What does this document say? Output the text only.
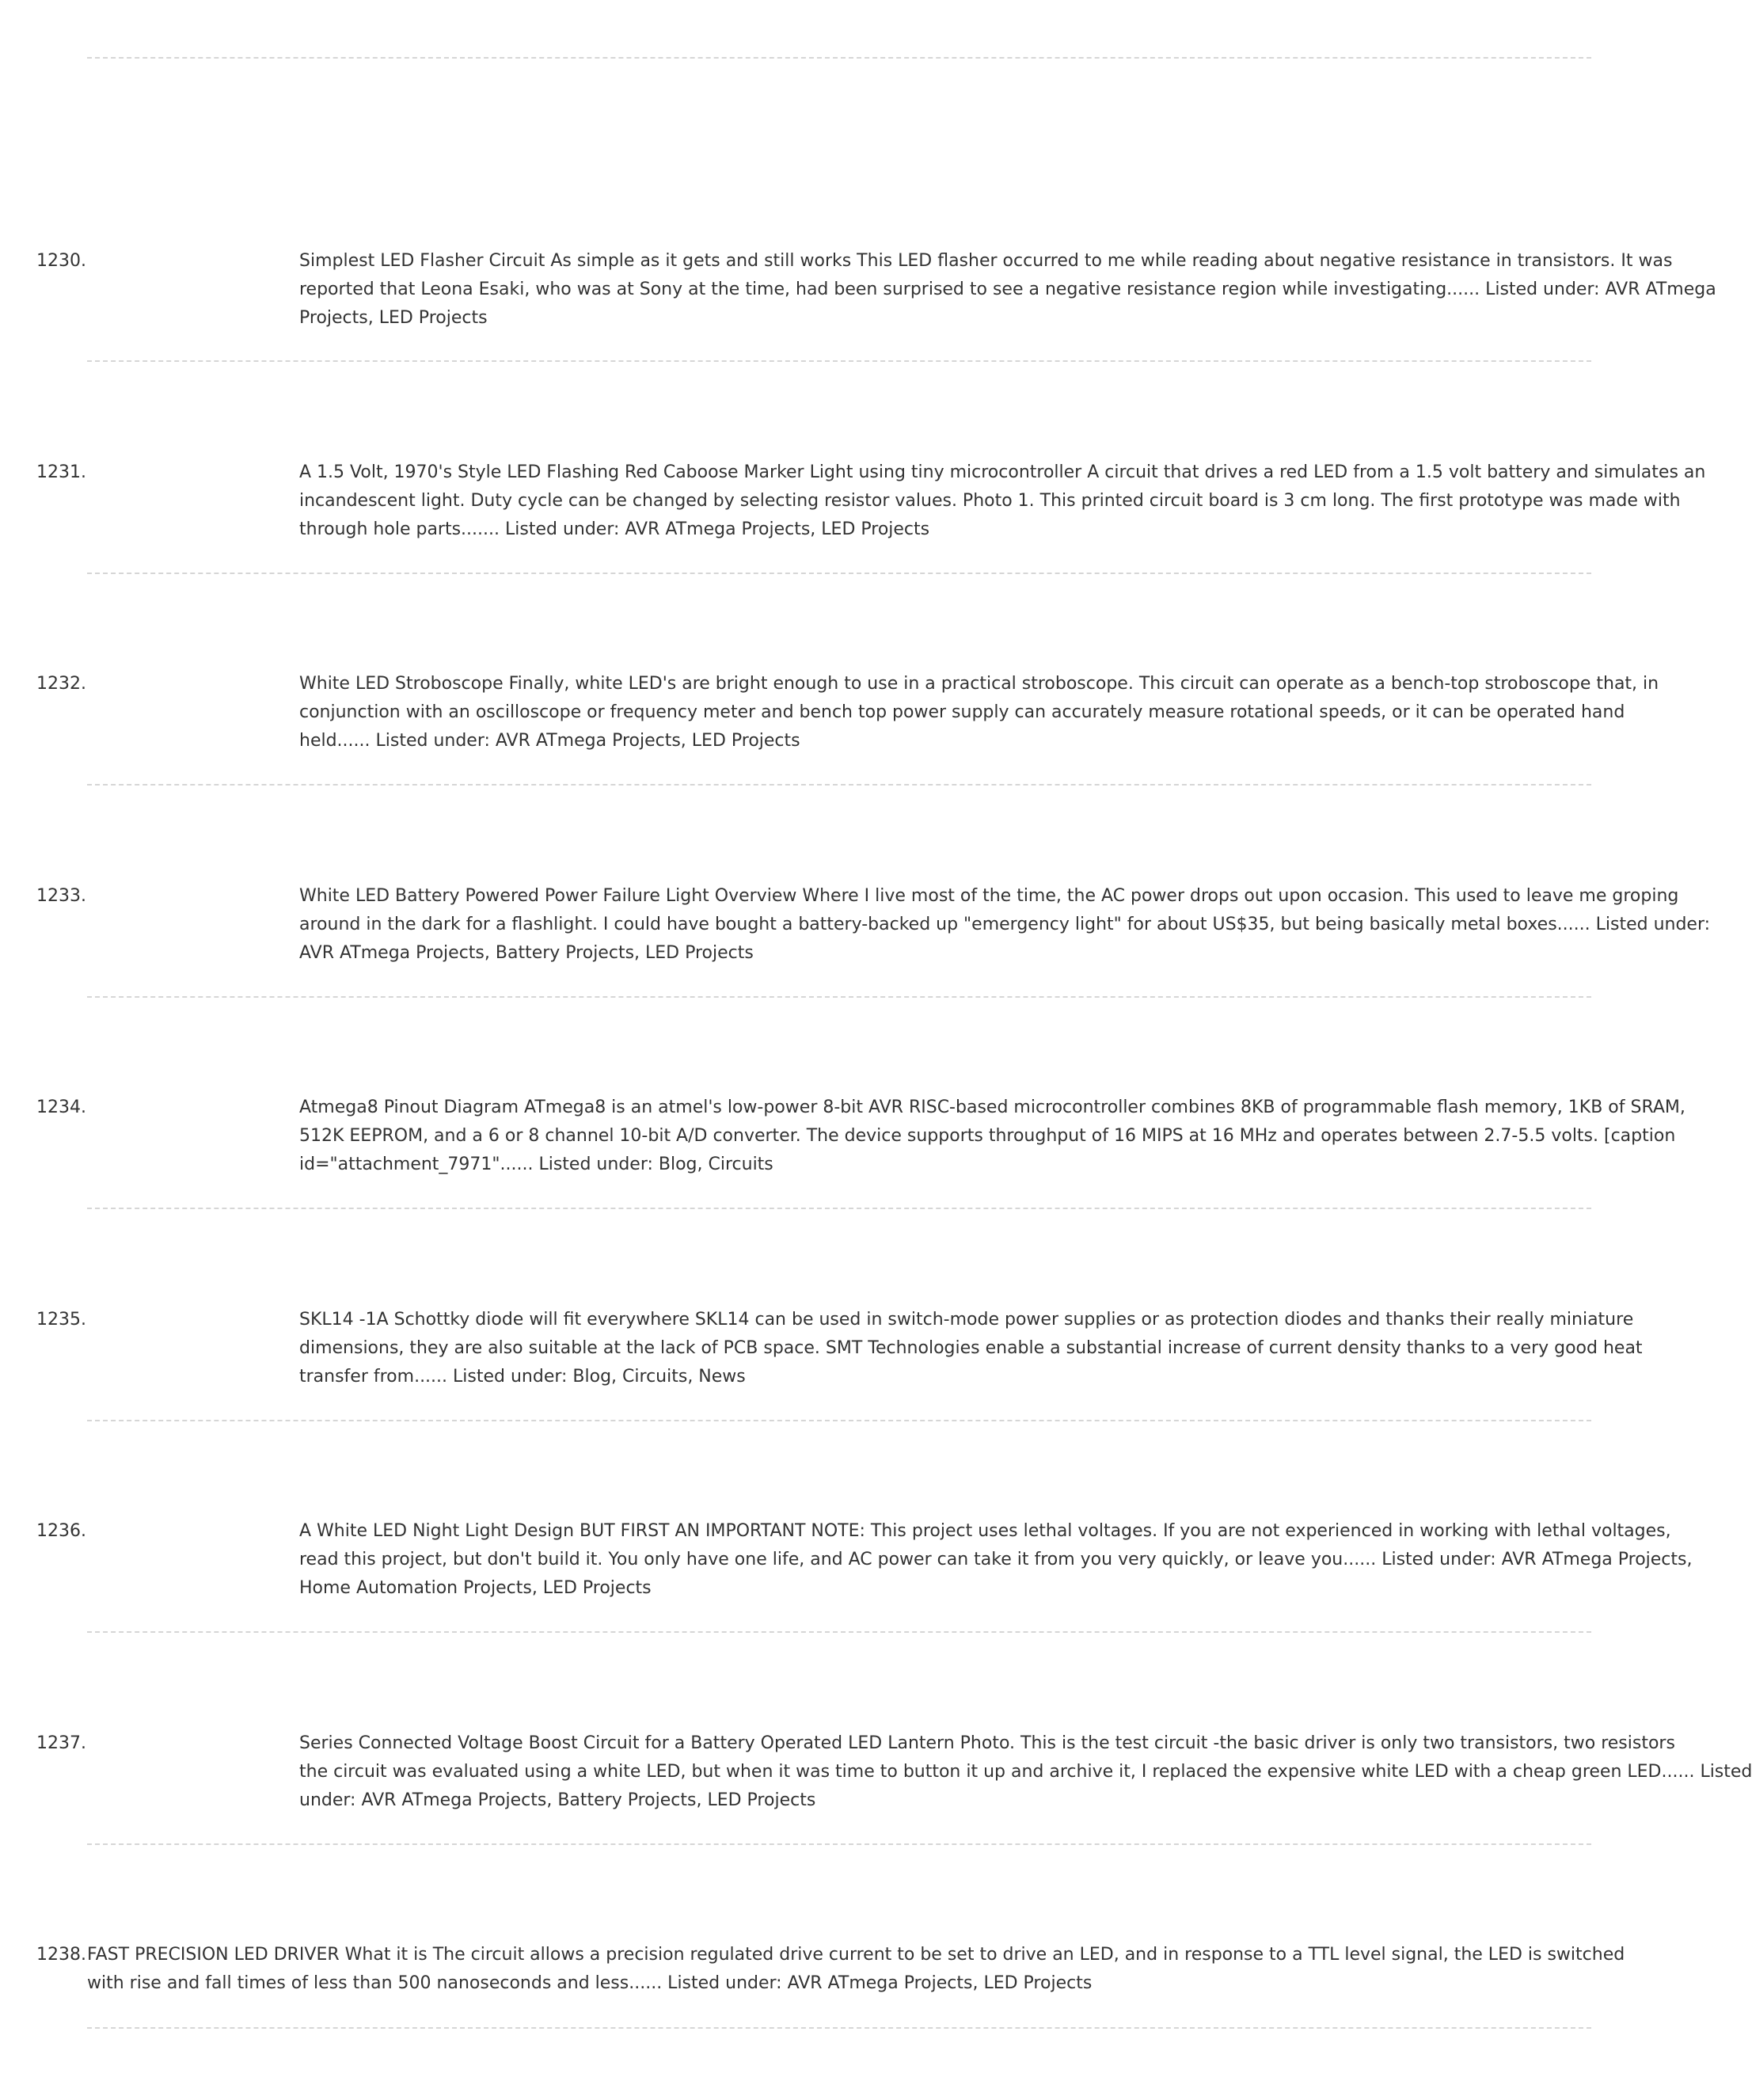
1230.	Simplest LED Flasher Circuit As simple as it gets and still works This LED flasher occurred to me while reading about negative resistance in transistors. It was
reported that Leona Esaki, who was at Sony at the time, had been surprised to see a negative resistance region while investigating...... Listed under: AVR ATmega
Projects, LED Projects
1231.	A 1.5 Volt, 1970's Style LED Flashing Red Caboose Marker Light using tiny microcontroller A circuit that drives a red LED from a 1.5 volt battery and simulates an
incandescent light. Duty cycle can be changed by selecting resistor values. Photo 1. This printed circuit board is 3 cm long. The first prototype was made with
through hole parts....... Listed under: AVR ATmega Projects, LED Projects
1232.	White LED Stroboscope Finally, white LED's are bright enough to use in a practical stroboscope. This circuit can operate as a bench-top stroboscope that, in
conjunction with an oscilloscope or frequency meter and bench top power supply can accurately measure rotational speeds, or it can be operated hand
held...... Listed under: AVR ATmega Projects, LED Projects
1233.	White LED Battery Powered Power Failure Light Overview Where I live most of the time, the AC power drops out upon occasion. This used to leave me groping
around in the dark for a flashlight. I could have bought a battery-backed up "emergency light" for about US$35, but being basically metal boxes...... Listed under:
AVR ATmega Projects, Battery Projects, LED Projects
1234.	Atmega8 Pinout Diagram ATmega8 is an atmel's low-power 8-bit AVR RISC-based microcontroller combines 8KB of programmable flash memory, 1KB of SRAM,
512K EEPROM, and a 6 or 8 channel 10-bit A/D converter. The device supports throughput of 16 MIPS at 16 MHz and operates between 2.7-5.5 volts. [caption
id="attachment_7971"...... Listed under: Blog, Circuits
1235.	SKL14 -1A Schottky diode will fit everywhere SKL14 can be used in switch-mode power supplies or as protection diodes and thanks their really miniature
dimensions, they are also suitable at the lack of PCB space. SMT Technologies enable a substantial increase of current density thanks to a very good heat
transfer from...... Listed under: Blog, Circuits, News
1236.	A White LED Night Light Design BUT FIRST AN IMPORTANT NOTE: This project uses lethal voltages. If you are not experienced in working with lethal voltages,
read this project, but don't build it. You only have one life, and AC power can take it from you very quickly, or leave you...... Listed under: AVR ATmega Projects,
Home Automation Projects, LED Projects
1237.	Series Connected Voltage Boost Circuit for a Battery Operated LED Lantern Photo. This is the test circuit -the basic driver is only two transistors, two resistors
the circuit was evaluated using a white LED, but when it was time to button it up and archive it, I replaced the expensive white LED with a cheap green LED...... Listed
under: AVR ATmega Projects, Battery Projects, LED Projects
1238. FAST PRECISION LED DRIVER What it is The circuit allows a precision regulated drive current to be set to drive an LED, and in response to a TTL level signal, the LED is switched
with rise and fall times of less than 500 nanoseconds and less...... Listed under: AVR ATmega Projects, LED Projects
